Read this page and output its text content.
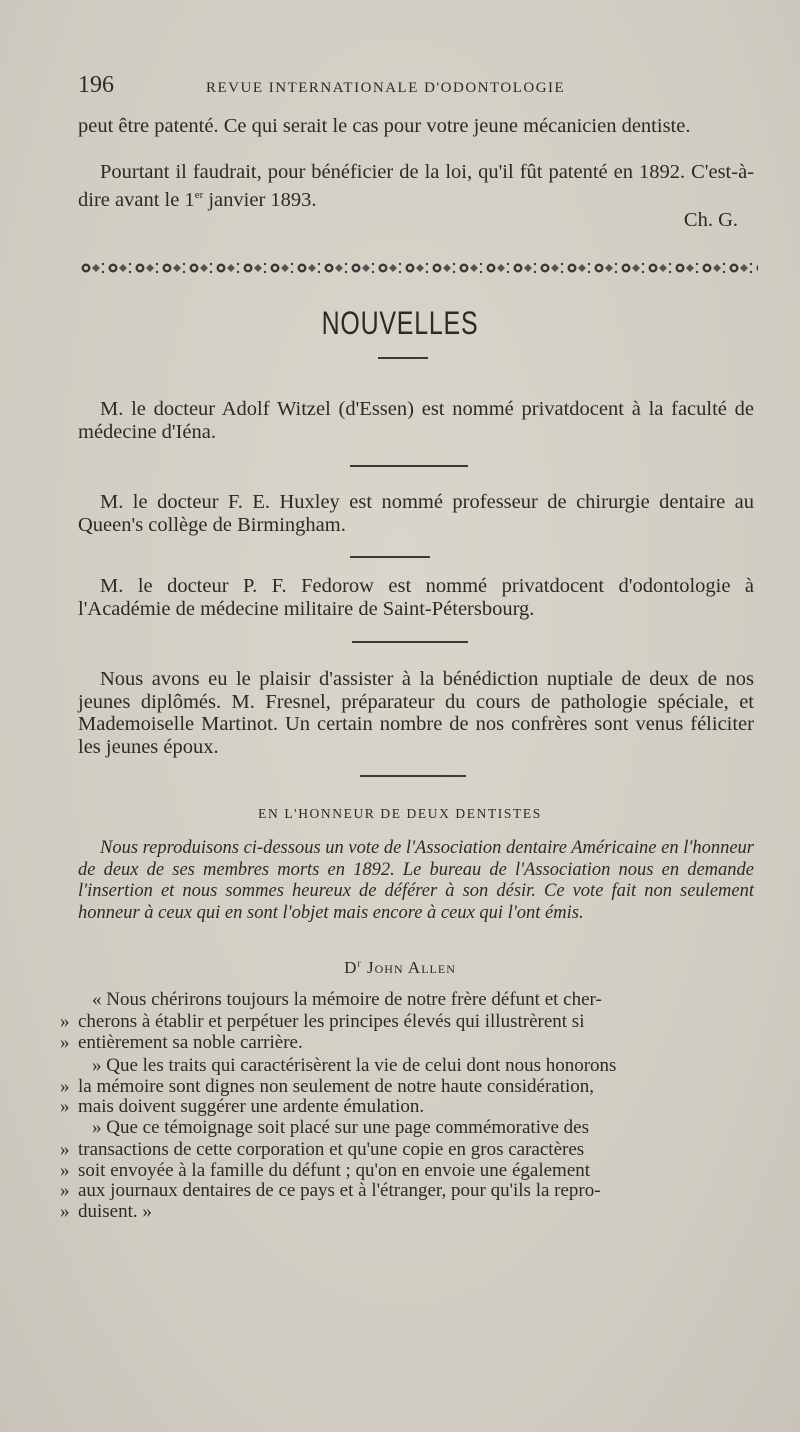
196	REVUE INTERNATIONALE D'ODONTOLOGIE

peut être patenté. Ce qui serait le cas pour votre jeune mécanicien dentiste.

Pourtant il faudrait, pour bénéficier de la loi, qu'il fût patenté en 1892. C'est-à-dire avant le 1er janvier 1893.

Ch. G.
NOUVELLES

M. le docteur Adolf Witzel (d'Essen) est nommé privatdocent à la faculté de médecine d'Iéna.

M. le docteur F. E. Huxley est nommé professeur de chirurgie dentaire au Queen's collège de Birmingham.

M. le docteur P. F. Fedorow est nommé privatdocent d'odontologie à l'Académie de médecine militaire de Saint-Pétersbourg.

Nous avons eu le plaisir d'assister à la bénédiction nuptiale de deux de nos jeunes diplômés. M. Fresnel, préparateur du cours de pathologie spéciale, et Mademoiselle Martinot. Un certain nombre de nos confrères sont venus féliciter les jeunes époux.

EN L'HONNEUR DE DEUX DENTISTES

Nous reproduisons ci-dessous un vote de l'Association dentaire Américaine en l'honneur de deux de ses membres morts en 1892. Le bureau de l'Association nous en demande l'insertion et nous sommes heureux de déférer à son désir. Ce vote fait non seulement honneur à ceux qui en sont l'objet mais encore à ceux qui l'ont émis.

$D^r$ John Allen
« Nous chérirons toujours la mémoire de notre frère défunt et cher-
» cherons à établir et perpétuer les principes élevés qui illustrèrent si
» entièrement sa noble carrière.
» Que les traits qui caractérisèrent la vie de celui dont nous honorons
» la mémoire sont dignes non seulement de notre haute considération,
» mais doivent suggérer une ardente émulation.
» Que ce témoignage soit placé sur une page commémorative des
» transactions de cette corporation et qu'une copie en gros caractères
» soit envoyée à la famille du défunt ; qu'on en envoie une également
» aux journaux dentaires de ce pays et à l'étranger, pour qu'ils la repro-
» duisent. »
